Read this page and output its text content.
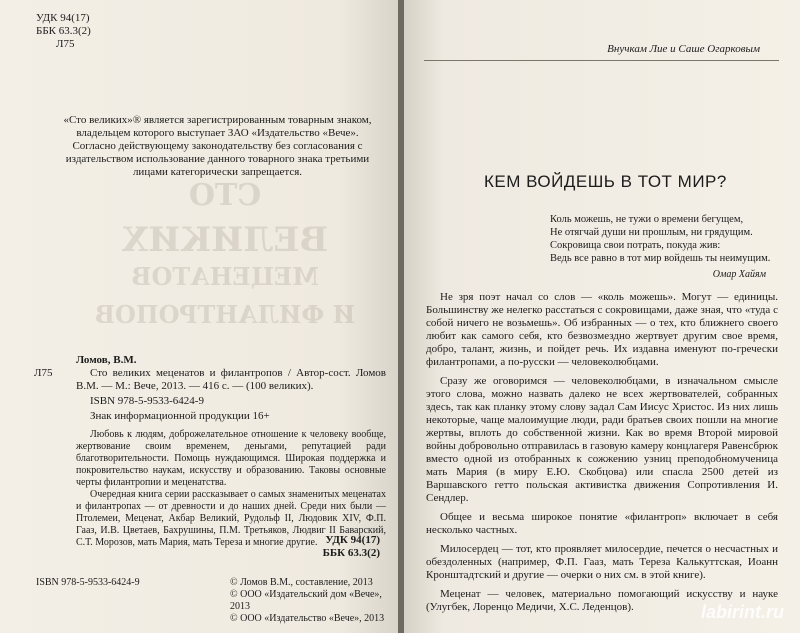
УДК 94(17)
ББК 63.3(2)
Л75
«Сто великих»® является зарегистрированным товарным знаком, владельцем которого выступает ЗАО «Издательство «Вече». Согласно действующему законодательству без согласования с издательством использование данного товарного знака третьими лицами категорически запрещается.
СТО
ВЕЛИКИХ
МЕЦЕНАТОВ
И ФИЛАНТРОПОВ
Л75
Ломов, В.М.
Сто великих меценатов и филантропов / Автор-сост. Ломов В.М. — М.: Вече, 2013. — 416 с. — (100 великих).
ISBN 978-5-9533-6424-9
Знак информационной продукции 16+
Любовь к людям, доброжелательное отношение к человеку вообще, жертвование своим временем, деньгами, репутацией ради благотворительности. Помощь нуждающимся. Широкая поддержка и покровительство наукам, искусству и образованию. Таковы основные черты филантропии и меценатства.
Очередная книга серии рассказывает о самых знаменитых меценатах и филантропах — от древности и до наших дней. Среди них были — Птолемеи, Меценат, Акбар Великий, Рудольф II, Людовик XIV, Ф.П. Гааз, И.В. Цветаев, Бахрушины, П.М. Третьяков, Людвиг II Баварский, С.Т. Морозов, мать Мария, мать Тереза и многие другие. УДК 94(17)
ББК 63.3(2)
ISBN 978-5-9533-6424-9	© Ломов В.М., составление, 2013
© ООО «Издательский дом «Вече», 2013
© ООО «Издательство «Вече», 2013
Внучкам Лие и Саше Огарковым
КЕМ ВОЙДЕШЬ В ТОТ МИР?
Коль можешь, не тужи о времени бегущем,
Не отягчай души ни прошлым, ни грядущим.
Сокровища свои потрать, покуда жив:
Ведь все равно в тот мир войдешь ты неимущим.
Омар Хайям

Не зря поэт начал со слов — «коль можешь». Могут — единицы. Большинству же нелегко расстаться с сокровищами, даже зная, что «туда с собой ничего не возьмешь». Об избранных — о тех, кто ближнего своего любит как самого себя, кто безвозмездно жертвует другим свое время, добро, талант, жизнь, и пойдет речь. Их издавна именуют по-гречески филантропами, а по-русски — человеколюбцами.

Сразу же оговоримся — человеколюбцами, в изначальном смысле этого слова, можно назвать далеко не всех жертвователей, собранных здесь, так как планку этому слову задал Сам Иисус Христос. Из них лишь некоторые, чаще малоимущие люди, ради братьев своих пошли на многие жертвы, вплоть до собственной жизни. Как во время Второй мировой войны добровольно отправилась в газовую камеру концлагеря Равенсбрюк вместо одной из отобранных к сожжению узниц преподобномученица мать Мария (в миру Е.Ю. Скобцова) или спасла 2500 детей из Варшавского гетто польская активистка движения Сопротивления И. Сендлер.

Общее и весьма широкое понятие «филантроп» включает в себя несколько частных.

Милосердец — тот, кто проявляет милосердие, печется о несчастных и обездоленных (например, Ф.П. Гааз, мать Тереза Калькуттская, Иоанн Кронштадтский и другие — очерки о них см. в этой книге).

Меценат — человек, материально помогающий искусству и науке (Улугбек, Лоренцо Медичи, Х.С. Леденцов).	labirint.ru
